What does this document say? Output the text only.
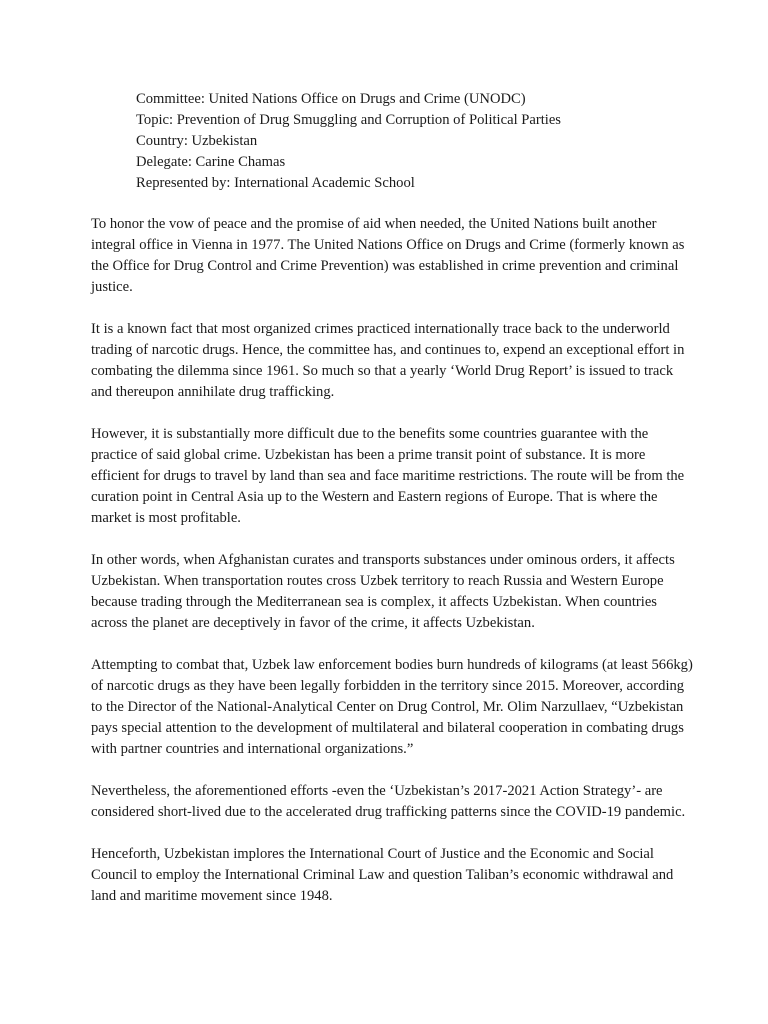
Committee: United Nations Office on Drugs and Crime (UNODC)
Topic: Prevention of Drug Smuggling and Corruption of Political Parties
Country: Uzbekistan
Delegate: Carine Chamas
Represented by: International Academic School

To honor the vow of peace and the promise of aid when needed, the United Nations built another integral office in Vienna in 1977. The United Nations Office on Drugs and Crime (formerly known as the Office for Drug Control and Crime Prevention) was established in crime prevention and criminal justice.

It is a known fact that most organized crimes practiced internationally trace back to the underworld trading of narcotic drugs. Hence, the committee has, and continues to, expend an exceptional effort in combating the dilemma since 1961. So much so that a yearly ‘World Drug Report’ is issued to track and thereupon annihilate drug trafficking.

However, it is substantially more difficult due to the benefits some countries guarantee with the practice of said global crime. Uzbekistan has been a prime transit point of substance. It is more efficient for drugs to travel by land than sea and face maritime restrictions. The route will be from the curation point in Central Asia up to the Western and Eastern regions of Europe. That is where the market is most profitable.

In other words, when Afghanistan curates and transports substances under ominous orders, it affects Uzbekistan. When transportation routes cross Uzbek territory to reach Russia and Western Europe because trading through the Mediterranean sea is complex, it affects Uzbekistan. When countries across the planet are deceptively in favor of the crime, it affects Uzbekistan.

Attempting to combat that, Uzbek law enforcement bodies burn hundreds of kilograms (at least 566kg) of narcotic drugs as they have been legally forbidden in the territory since 2015. Moreover, according to the Director of the National-Analytical Center on Drug Control, Mr. Olim Narzullaev, “Uzbekistan pays special attention to the development of multilateral and bilateral cooperation in combating drugs with partner countries and international organizations.”

Nevertheless, the aforementioned efforts -even the ‘Uzbekistan’s 2017-2021 Action Strategy’- are considered short-lived due to the accelerated drug trafficking patterns since the COVID-19 pandemic.

Henceforth, Uzbekistan implores the International Court of Justice and the Economic and Social Council to employ the International Criminal Law and question Taliban’s economic withdrawal and land and maritime movement since 1948.
